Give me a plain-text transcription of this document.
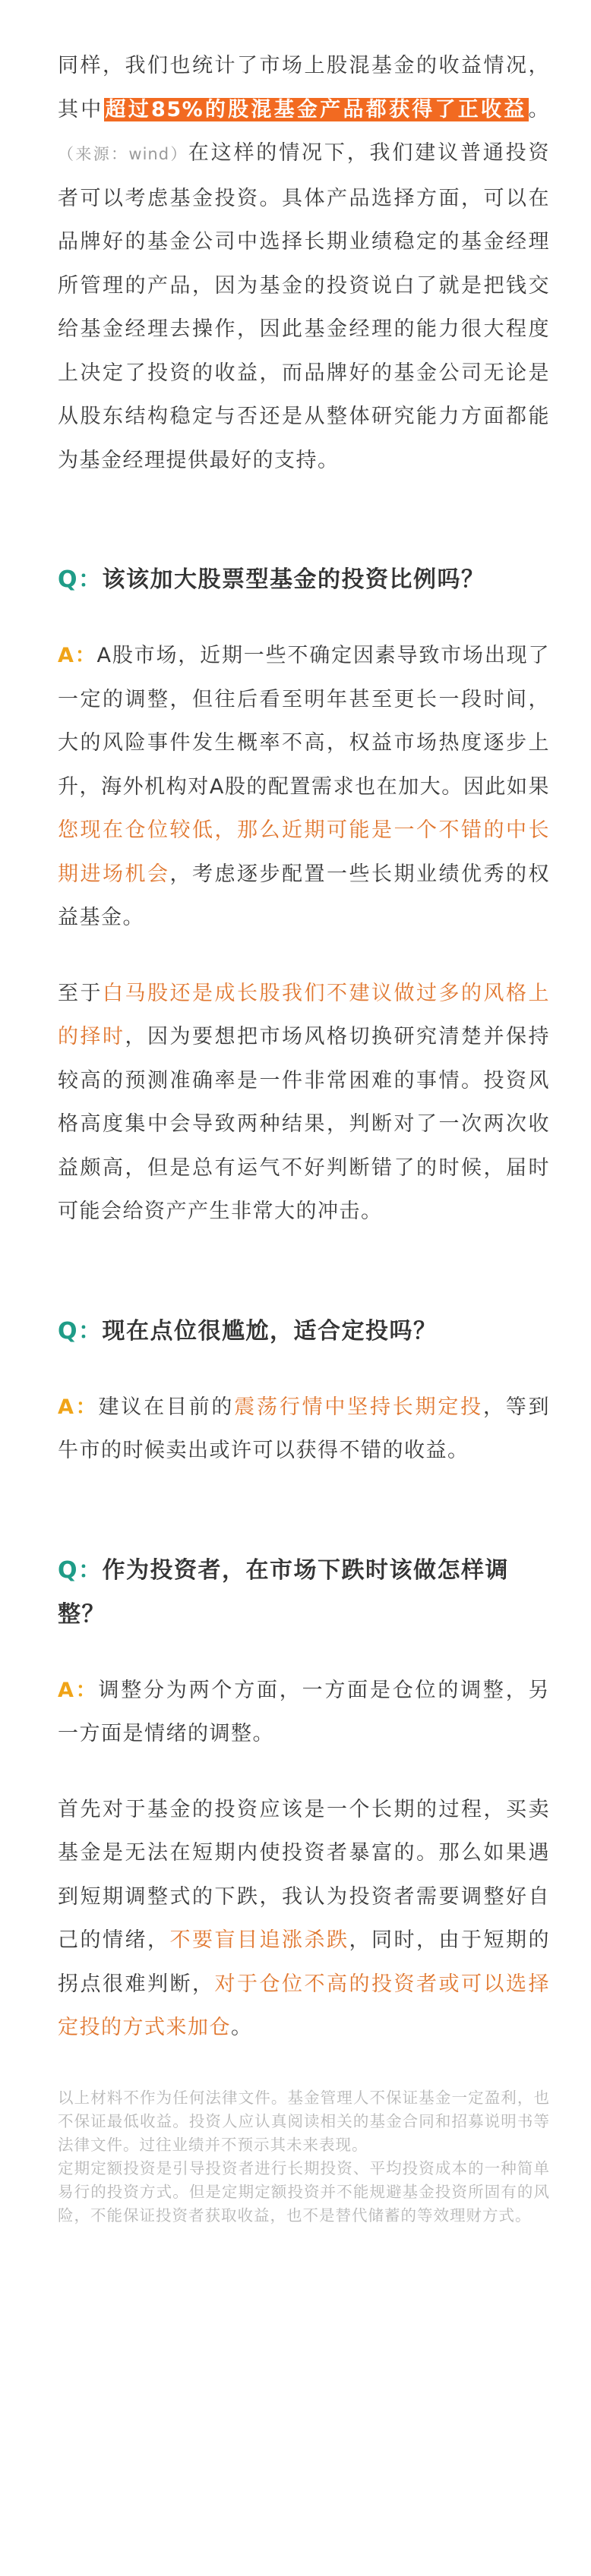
同样，我们也统计了市场上股混基金的收益情况，其中超过85%的股混基金产品都获得了正收益。（来源：wind）在这样的情况下，我们建议普通投资者可以考虑基金投资。具体产品选择方面，可以在品牌好的基金公司中选择长期业绩稳定的基金经理所管理的产品，因为基金的投资说白了就是把钱交给基金经理去操作，因此基金经理的能力很大程度上决定了投资的收益，而品牌好的基金公司无论是从股东结构稳定与否还是从整体研究能力方面都能为基金经理提供最好的支持。

Q：该该加大股票型基金的投资比例吗？

A：A股市场，近期一些不确定因素导致市场出现了一定的调整，但往后看至明年甚至更长一段时间，大的风险事件发生概率不高，权益市场热度逐步上升，海外机构对A股的配置需求也在加大。因此如果您现在仓位较低，那么近期可能是一个不错的中长期进场机会，考虑逐步配置一些长期业绩优秀的权益基金。

至于白马股还是成长股我们不建议做过多的风格上的择时，因为要想把市场风格切换研究清楚并保持较高的预测准确率是一件非常困难的事情。投资风格高度集中会导致两种结果，判断对了一次两次收益颇高，但是总有运气不好判断错了的时候，届时可能会给资产产生非常大的冲击。

Q：现在点位很尴尬，适合定投吗？

A：建议在目前的震荡行情中坚持长期定投，等到牛市的时候卖出或许可以获得不错的收益。

Q：作为投资者，在市场下跌时该做怎样调整？

A：调整分为两个方面，一方面是仓位的调整，另一方面是情绪的调整。

首先对于基金的投资应该是一个长期的过程，买卖基金是无法在短期内使投资者暴富的。那么如果遇到短期调整式的下跌，我认为投资者需要调整好自己的情绪，不要盲目追涨杀跌，同时，由于短期的拐点很难判断，对于仓位不高的投资者或可以选择定投的方式来加仓。

以上材料不作为任何法律文件。基金管理人不保证基金一定盈利，也不保证最低收益。投资人应认真阅读相关的基金合同和招募说明书等法律文件。过往业绩并不预示其未来表现。

定期定额投资是引导投资者进行长期投资、平均投资成本的一种简单易行的投资方式。但是定期定额投资并不能规避基金投资所固有的风险，不能保证投资者获取收益，也不是替代储蓄的等效理财方式。
